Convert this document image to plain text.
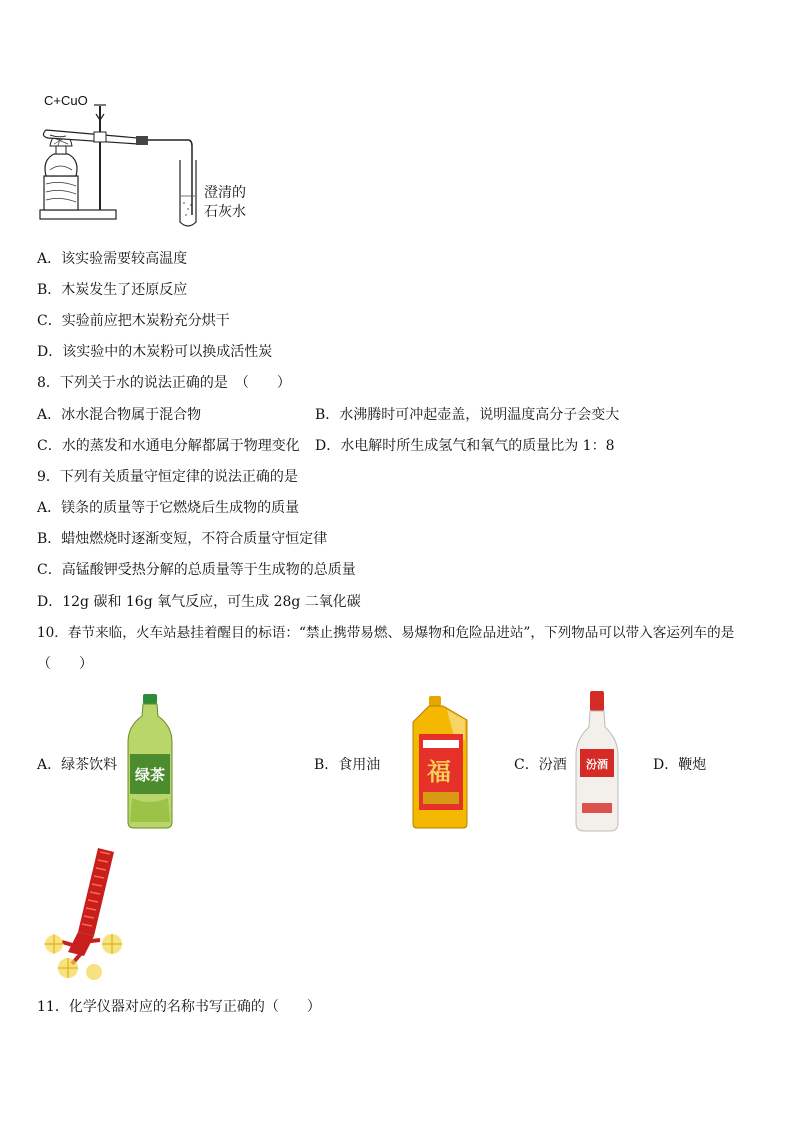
C+CuO
澄清的
石灰水
A．该实验需要较高温度
B．木炭发生了还原反应
C．实验前应把木炭粉充分烘干
D．该实验中的木炭粉可以换成活性炭
8．下列关于水的说法正确的是　（　　）
A．冰水混合物属于混合物	B．水沸腾时可冲起壶盖，说明温度高分子会变大
C．水的蒸发和水通电分解都属于物理变化 D．水电解时所生成氢气和氧气的质量比为 1：8
9．下列有关质量守恒定律的说法正确的是
A．镁条的质量等于它燃烧后生成物的质量
B．蜡烛燃烧时逐渐变短，不符合质量守恒定律
C．高锰酸钾受热分解的总质量等于生成物的总质量
D．12g 碳和 16g 氧气反应，可生成 28g 二氧化碳
10．春节来临，火车站悬挂着醒目的标语：“禁止携带易燃、易爆物和危险品进站”，下列物品可以带入客运列车的是
（　　）
A．绿茶饮料
绿茶
B．食用油 福	C．汾酒 汾酒	D．鞭炮
11．化学仪器对应的名称书写正确的（　　）
